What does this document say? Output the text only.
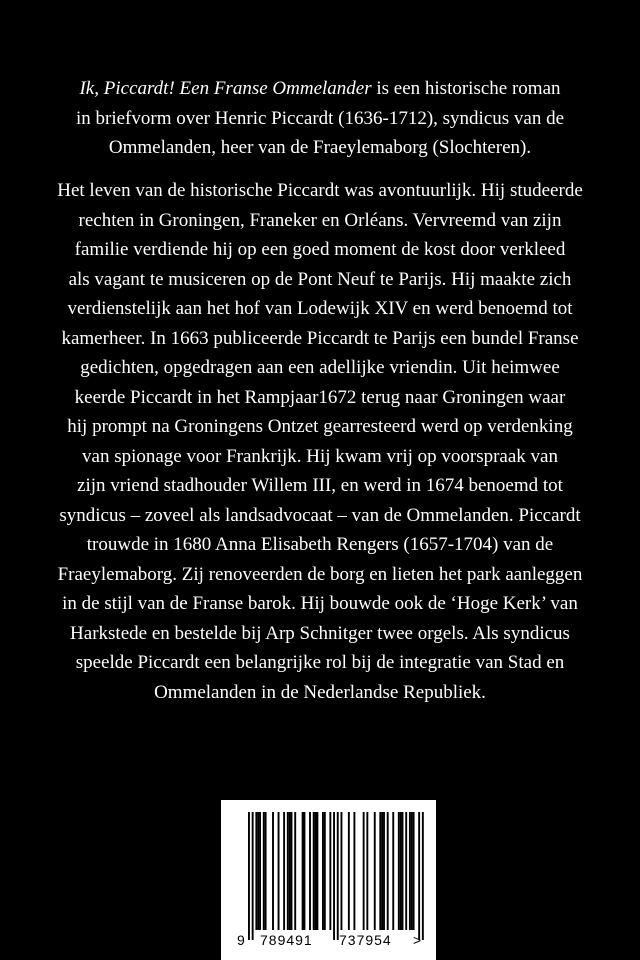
Ik, Piccardt! Een Franse Ommelander is een historische roman
in briefvorm over Henric Piccardt (1636-1712), syndicus van de
Ommelanden, heer van de Fraeylemaborg (Slochteren).

Het leven van de historische Piccardt was avontuurlijk. Hij studeerde
rechten in Groningen, Franeker en Orléans. Vervreemd van zijn
familie verdiende hij op een goed moment de kost door verkleed
als vagant te musiceren op de Pont Neuf te Parijs. Hij maakte zich
verdienstelijk aan het hof van Lodewijk XIV en werd benoemd tot
kamerheer. In 1663 publiceerde Piccardt te Parijs een bundel Franse
gedichten, opgedragen aan een adellijke vriendin. Uit heimwee
keerde Piccardt in het Rampjaar1672 terug naar Groningen waar
hij prompt na Groningens Ontzet gearresteerd werd op verdenking
van spionage voor Frankrijk. Hij kwam vrij op voorspraak van
zijn vriend stadhouder Willem III, en werd in 1674 benoemd tot
syndicus – zoveel als landsadvocaat – van de Ommelanden. Piccardt
trouwde in 1680 Anna Elisabeth Rengers (1657-1704) van de
Fraeylemaborg. Zij renoveerden de borg en lieten het park aanleggen
in de stijl van de Franse barok. Hij bouwde ook de ‘Hoge Kerk’ van
Harkstede en bestelde bij Arp Schnitger twee orgels. Als syndicus
speelde Piccardt een belangrijke rol bij de integratie van Stad en
Ommelanden in de Nederlandse Republiek.

9 789491 737954 >
